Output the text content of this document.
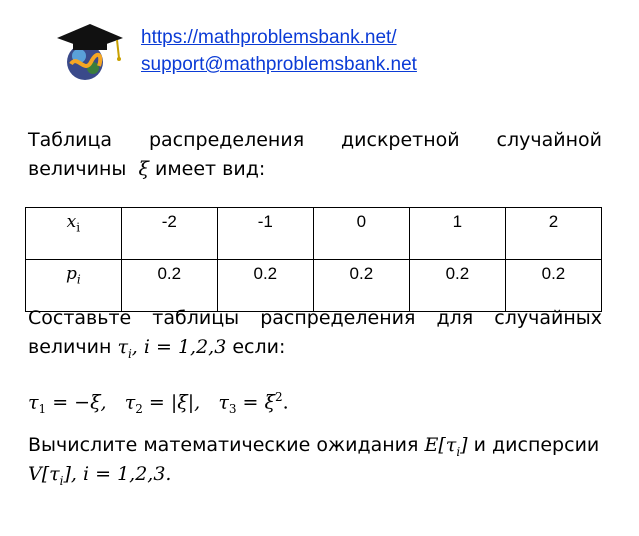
https://mathproblemsbank.net/
support@mathproblemsbank.net
Таблица распределения дискретной случайной
величины ξ имеет вид:
$x_i$	-2	-1	0	1	2
$p_i$	0.2	0.2	0.2	0.2	0.2
Составьте таблицы распределения для случайных
величин $\tau_i$, i = 1,2,3 если:
$\tau_1 = -\xi$, $\tau_2 = |\xi|$, $\tau_3 = \xi^2$.
Вычислите математические ожидания $E[\tau_i]$ и дисперсии
$V[\tau_i]$, i = 1,2,3.
